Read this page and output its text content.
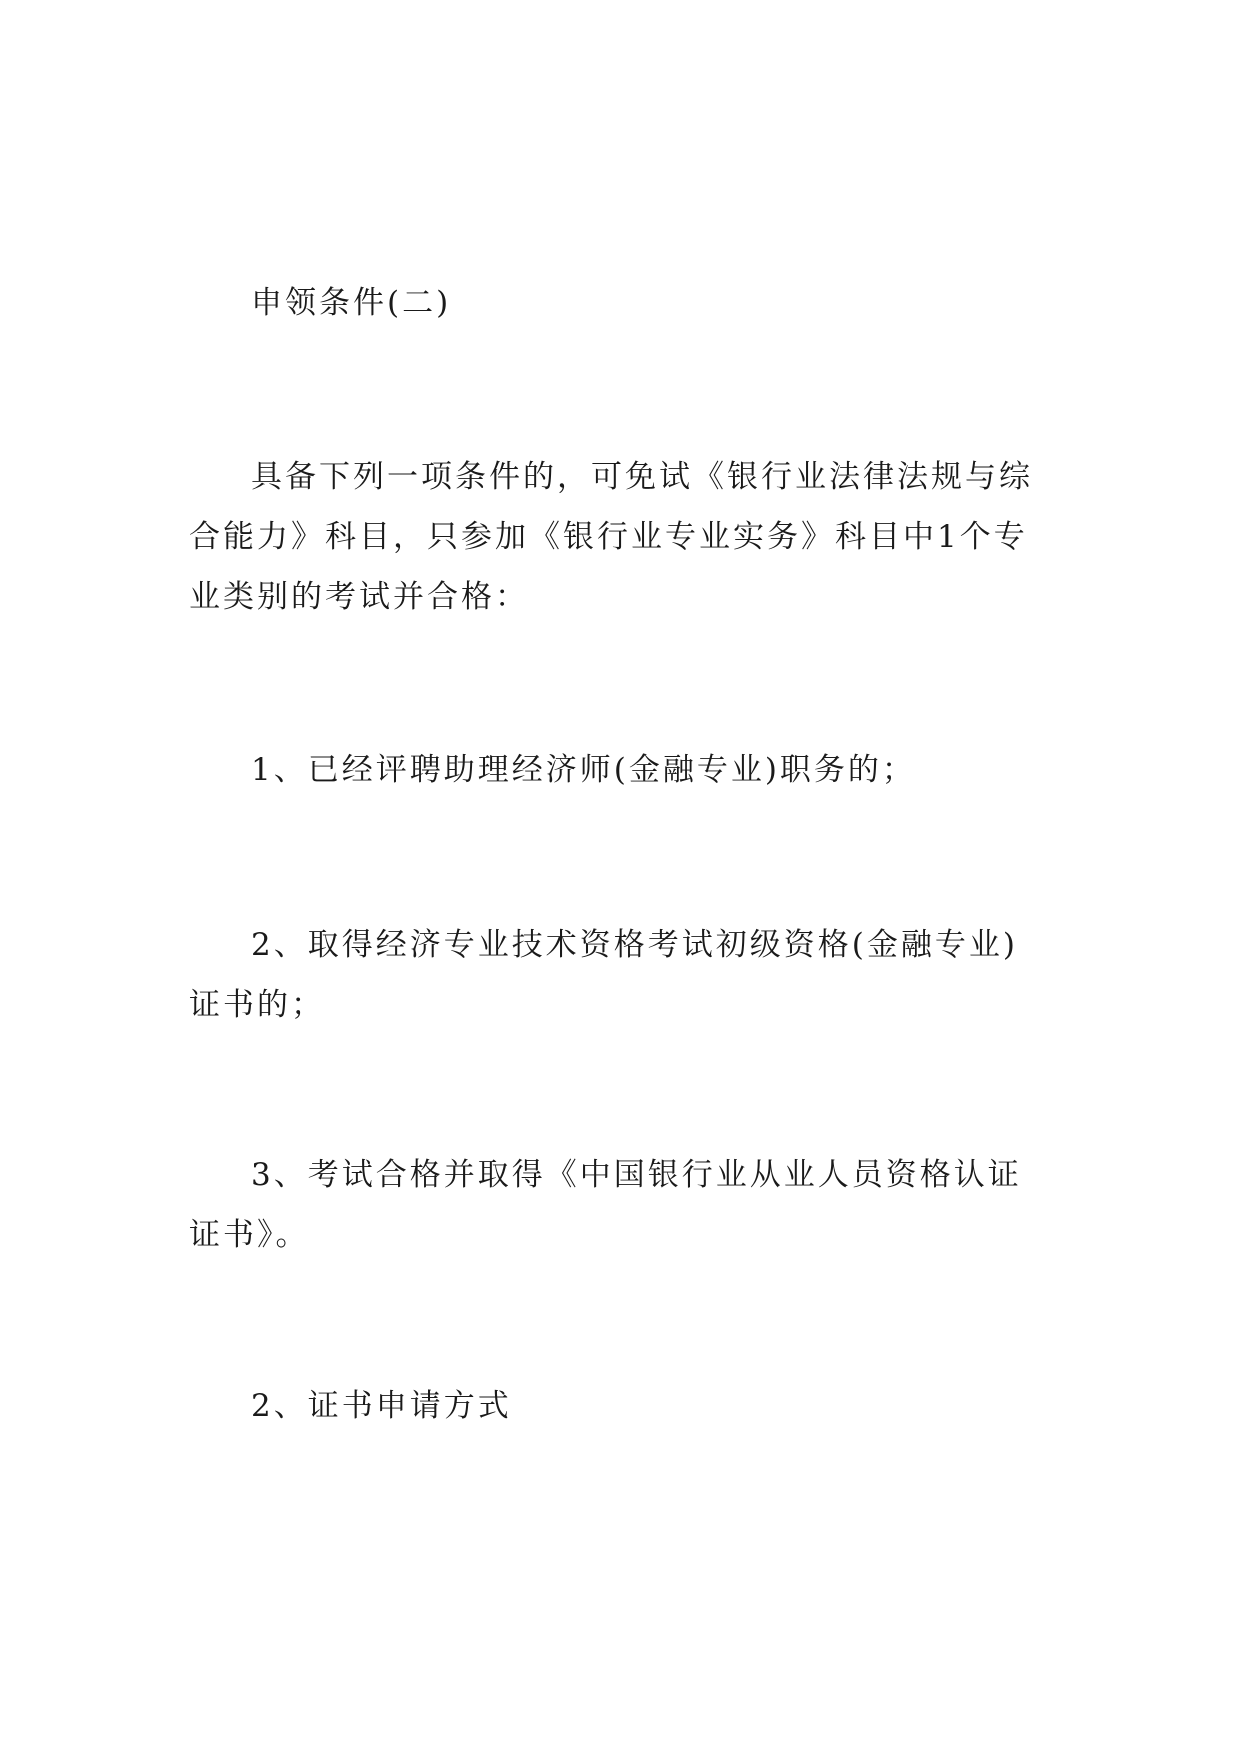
申领条件(二)

具备下列一项条件的，可免试《银行业法律法规与综合能力》科目，只参加《银行业专业实务》科目中1个专业类别的考试并合格：

1、已经评聘助理经济师(金融专业)职务的；

2、取得经济专业技术资格考试初级资格(金融专业)证书的；

3、考试合格并取得《中国银行业从业人员资格认证证书》。

2、证书申请方式
